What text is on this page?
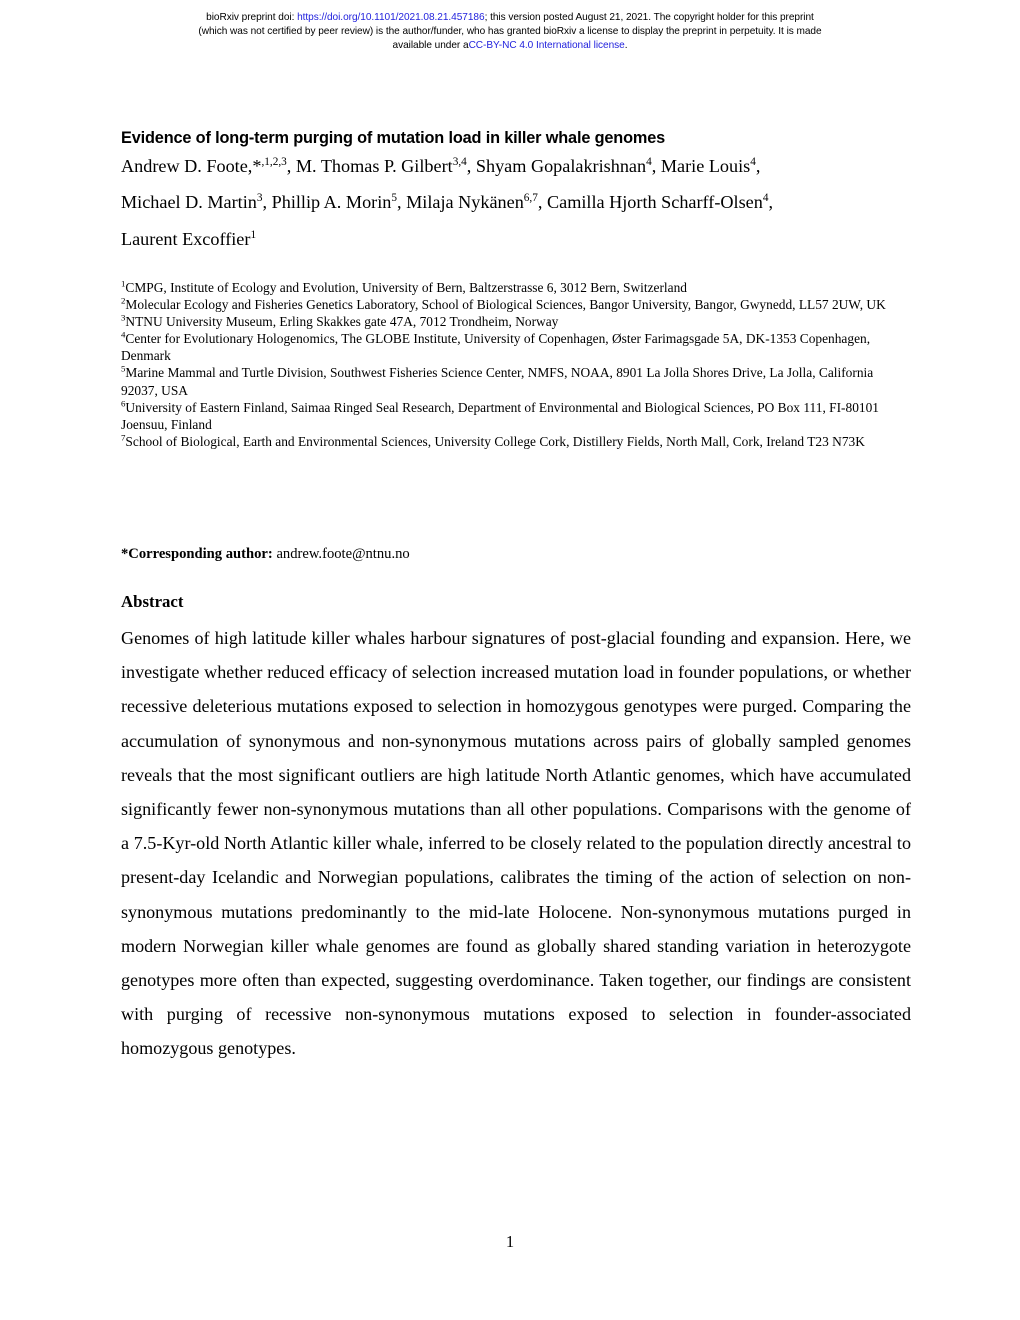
bioRxiv preprint doi: https://doi.org/10.1101/2021.08.21.457186; this version posted August 21, 2021. The copyright holder for this preprint
(which was not certified by peer review) is the author/funder, who has granted bioRxiv a license to display the preprint in perpetuity. It is made
available under aCC-BY-NC 4.0 International license.
Evidence of long-term purging of mutation load in killer whale genomes
Andrew D. Foote,*$^{,1,2,3}$, M. Thomas P. Gilbert$^{3,4}$, Shyam Gopalakrishnan$^4$, Marie Louis$^4$,
Michael D. Martin$^3$, Phillip A. Morin$^5$, Milaja Nykänen$^{6,7}$, Camilla Hjorth Scharff-Olsen$^4$,
Laurent Excoffier$^1$
$^1$CMPG, Institute of Ecology and Evolution, University of Bern, Baltzerstrasse 6, 3012 Bern, Switzerland
$^2$Molecular Ecology and Fisheries Genetics Laboratory, School of Biological Sciences, Bangor University, Bangor, Gwynedd, LL57 2UW, UK
$^3$NTNU University Museum, Erling Skakkes gate 47A, 7012 Trondheim, Norway
$^4$Center for Evolutionary Hologenomics, The GLOBE Institute, University of Copenhagen, Øster Farimagsgade 5A, DK-1353 Copenhagen, Denmark
$^5$Marine Mammal and Turtle Division, Southwest Fisheries Science Center, NMFS, NOAA, 8901 La Jolla Shores Drive, La Jolla, California 92037, USA
$^6$University of Eastern Finland, Saimaa Ringed Seal Research, Department of Environmental and Biological Sciences, PO Box 111, FI-80101 Joensuu, Finland
$^7$School of Biological, Earth and Environmental Sciences, University College Cork, Distillery Fields, North Mall, Cork, Ireland T23 N73K
*Corresponding author: andrew.foote@ntnu.no
Abstract
Genomes of high latitude killer whales harbour signatures of post-glacial founding and expansion. Here, we investigate whether reduced efficacy of selection increased mutation load in founder populations, or whether recessive deleterious mutations exposed to selection in homozygous genotypes were purged. Comparing the accumulation of synonymous and non-synonymous mutations across pairs of globally sampled genomes reveals that the most significant outliers are high latitude North Atlantic genomes, which have accumulated significantly fewer non-synonymous mutations than all other populations. Comparisons with the genome of a 7.5-Kyr-old North Atlantic killer whale, inferred to be closely related to the population directly ancestral to present-day Icelandic and Norwegian populations, calibrates the timing of the action of selection on non-synonymous mutations predominantly to the mid-late Holocene. Non-synonymous mutations purged in modern Norwegian killer whale genomes are found as globally shared standing variation in heterozygote genotypes more often than expected, suggesting overdominance. Taken together, our findings are consistent with purging of recessive non-synonymous mutations exposed to selection in founder-associated homozygous genotypes.
1
